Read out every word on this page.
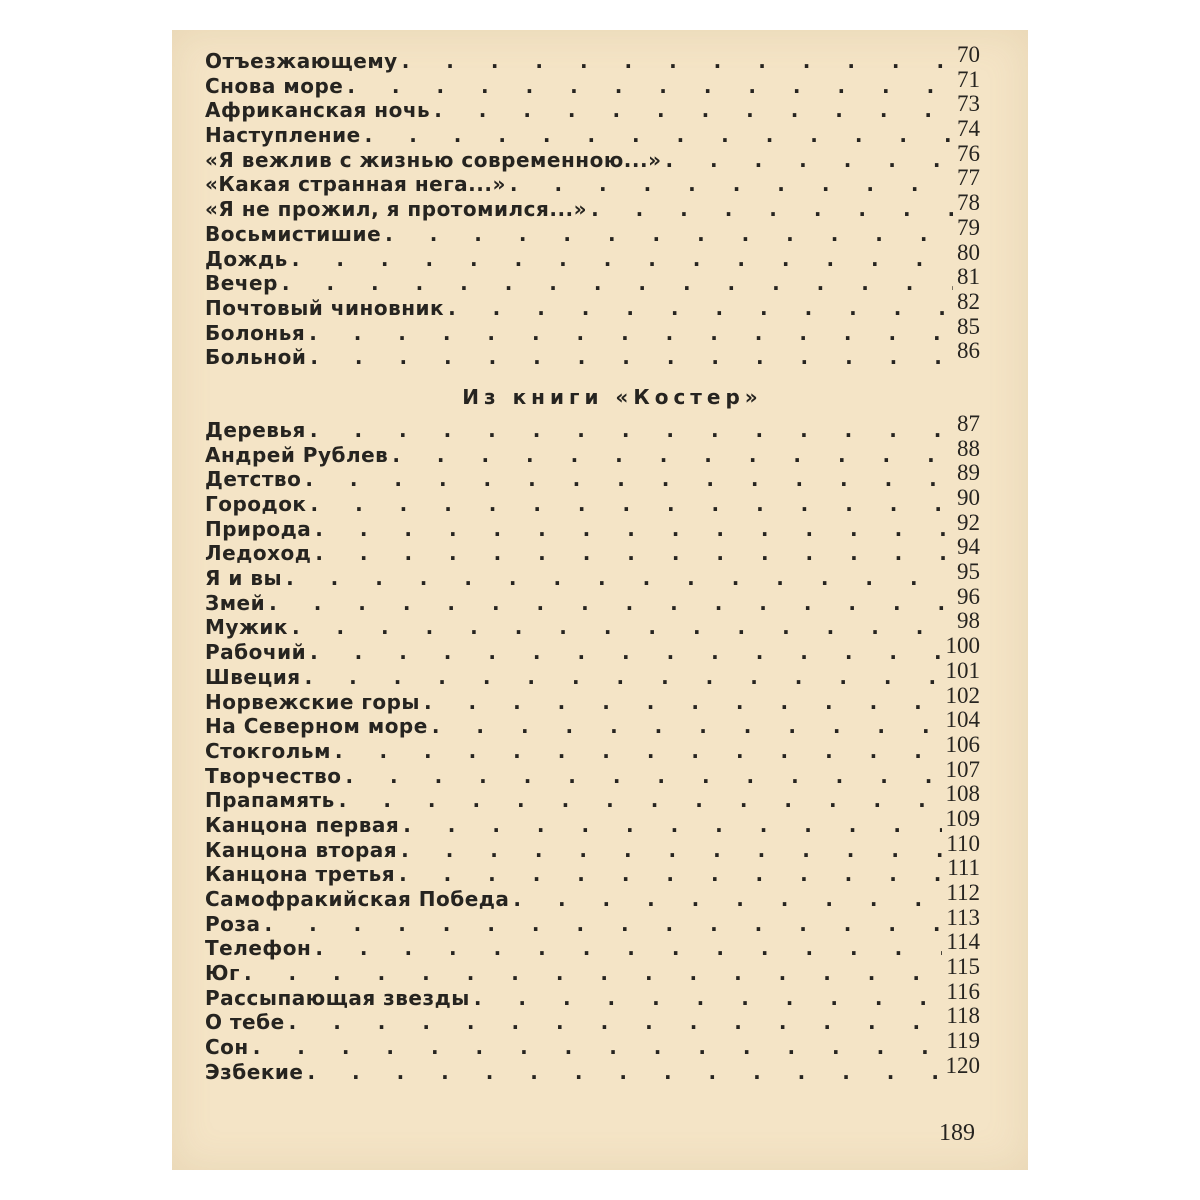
Отъезжающему . . .	70
Снова море . . .	71
Африканская ночь . . .	73
Наступление . . .	74
«Я вежлив с жизнью современною...» . . .	76
«Какая странная нега...» . . .	77
«Я не прожил, я протомился...» . . .	78
Восьмистишие . . .	79
Дождь . . .	80
Вечер . . .	81
Почтовый чиновник . . .	82
Болонья . . .	85
Больной . . .	86
Из книги «Костер»
Деревья . . .	87
Андрей Рублев . . .	88
Детство . . .	89
Городок . . .	90
Природа . . .	92
Ледоход . . .	94
Я и вы . . .	95
Змей . . .	96
Мужик . . .	98
Рабочий . . .	100
Швеция . . .	101
Норвежские горы . . .	102
На Северном море . . .	104
Стокгольм . . .	106
Творчество . . .	107
Прапамять . . .	108
Канцона первая . . .	109
Канцона вторая . . .	110
Канцона третья . . .	111
Самофракийская Победа . . .	112
Роза . . .	113
Телефон . . .	114
Юг . . .	115
Рассыпающая звезды . . .	116
О тебе . . .	118
Сон . . .	119
Эзбекие . . .	120
189
